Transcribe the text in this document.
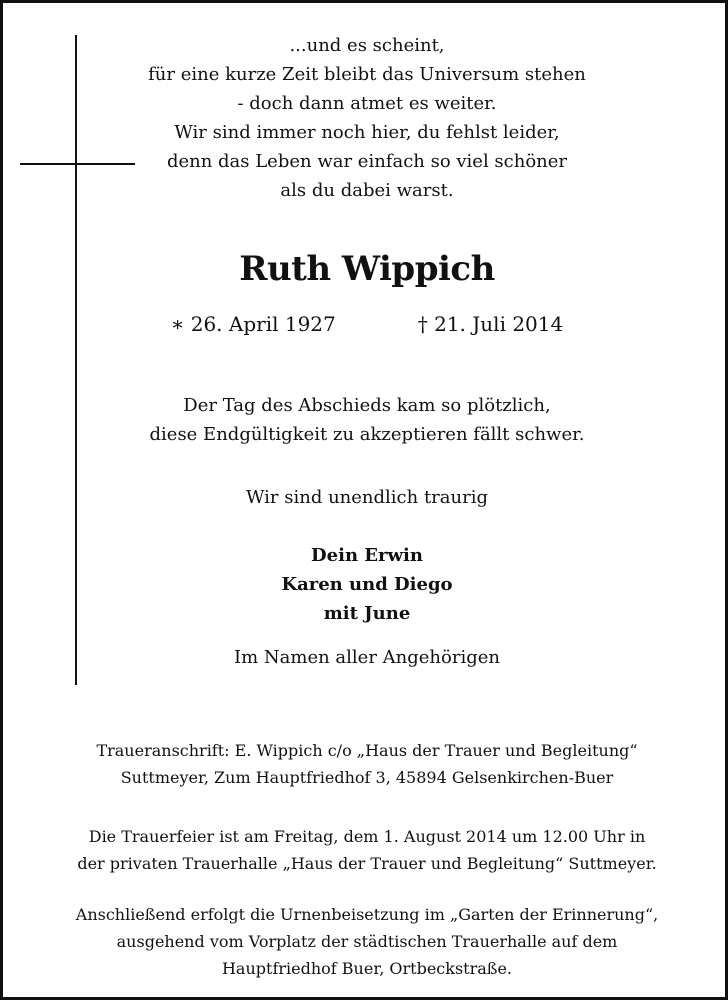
...und es scheint,
für eine kurze Zeit bleibt das Universum stehen
- doch dann atmet es weiter.
Wir sind immer noch hier, du fehlst leider,
denn das Leben war einfach so viel schöner
als du dabei warst.
Ruth Wippich
∗ 26. April 1927	† 21. Juli 2014
Der Tag des Abschieds kam so plötzlich,
diese Endgültigkeit zu akzeptieren fällt schwer.
Wir sind unendlich traurig
Dein Erwin
Karen und Diego
mit June
Im Namen aller Angehörigen
Traueranschrift: E. Wippich c/o „Haus der Trauer und Begleitung“
Suttmeyer, Zum Hauptfriedhof 3, 45894 Gelsenkirchen-Buer
Die Trauerfeier ist am Freitag, dem 1. August 2014 um 12.00 Uhr in
der privaten Trauerhalle „Haus der Trauer und Begleitung“ Suttmeyer.
Anschließend erfolgt die Urnenbeisetzung im „Garten der Erinnerung“,
ausgehend vom Vorplatz der städtischen Trauerhalle auf dem
Hauptfriedhof Buer, Ortbeckstraße.
